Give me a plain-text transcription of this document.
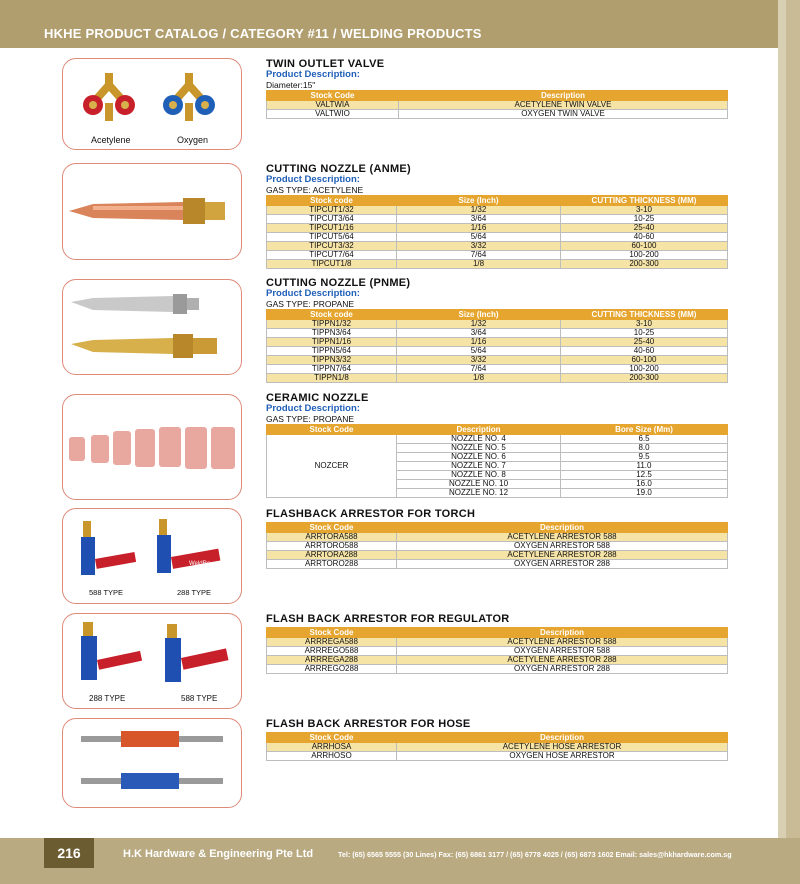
HKHE PRODUCT CATALOG / CATEGORY #11 / WELDING PRODUCTS
Acetylene	Oxygen
WeldRo
588 TYPE	288 TYPE
288 TYPE	588 TYPE
TWIN OUTLET VALVE
Product Description:
Diameter:15"
Stock Code	Description
VALTWIA	ACETYLENE TWIN VALVE
VALTWIO	OXYGEN TWIN VALVE
CUTTING NOZZLE (ANME)
Product Description:
GAS TYPE: ACETYLENE
Stock code	Size (Inch)	CUTTING THICKNESS (MM)
TIPCUT1/32	1/32	3-10
TIPCUT3/64	3/64	10-25
TIPCUT1/16	1/16	25-40
TIPCUT5/64	5/64	40-60
TIPCUT3/32	3/32	60-100
TIPCUT7/64	7/64	100-200
TIPCUT1/8	1/8	200-300
CUTTING NOZZLE (PNME)
Product Description:
GAS TYPE: PROPANE
Stock code	Size (Inch)	CUTTING THICKNESS (MM)
TIPPN1/32	1/32	3-10
TIPPN3/64	3/64	10-25
TIPPN1/16	1/16	25-40
TIPPN5/64	5/64	40-60
TIPPN3/32	3/32	60-100
TIPPN7/64	7/64	100-200
TIPPN1/8	1/8	200-300
CERAMIC NOZZLE
Product Description:
GAS TYPE: PROPANE
Stock Code	Description	Bore Size (Mm)
NOZCER	NOZZLE NO. 4	6.5
	NOZZLE NO. 5	8.0
	NOZZLE NO. 6	9.5
	NOZZLE NO. 7	11.0
	NOZZLE NO. 8	12.5
	NOZZLE NO. 10	16.0
	NOZZLE NO. 12	19.0
FLASHBACK ARRESTOR FOR TORCH
Stock Code	Description
ARRTORA588	ACETYLENE ARRESTOR 588
ARRTORO588	OXYGEN ARRESTOR 588
ARRTORA288	ACETYLENE ARRESTOR 288
ARRTORO288	OXYGEN ARRESTOR 288
FLASH BACK ARRESTOR FOR REGULATOR
Stock Code	Description
ARRREGA588	ACETYLENE ARRESTOR 588
ARRREGO588	OXYGEN ARRESTOR 588
ARRREGA288	ACETYLENE ARRESTOR 288
ARRREGO288	OXYGEN ARRESTOR 288
FLASH BACK ARRESTOR FOR HOSE
Stock Code	Description
ARRHOSA	ACETYLENE HOSE ARRESTOR
ARRHOSO	OXYGEN HOSE ARRESTOR
216	H.K Hardware & Engineering Pte Ltd	Tel: (65) 6565 5555 (30 Lines) Fax: (65) 6861 3177 / (65) 6778 4025 / (65) 6873 1602 Email: sales@hkhardware.com.sg
